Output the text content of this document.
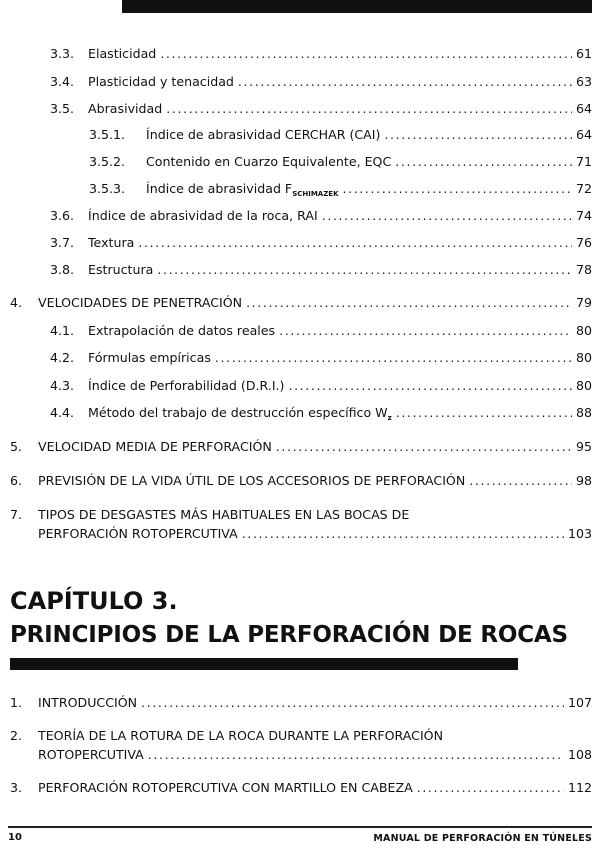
3.3.	Elasticidad . . .	61
3.4.	Plasticidad y tenacidad . . .	63
3.5.	Abrasividad . . .	64
3.5.1.	Índice de abrasividad CERCHAR (CAI) . . .	64
3.5.2.	Contenido en Cuarzo Equivalente, EQC . . .	71
3.5.3.	Índice de abrasividad $F_{SCHIMAZEK}$ . . .	72
3.6.	Índice de abrasividad de la roca, RAI . . .	74
3.7.	Textura . . .	76
3.8.	Estructura . . .	78
4.	VELOCIDADES DE PENETRACIÓN . . .	79
4.1.	Extrapolación de datos reales . . .	80
4.2.	Fórmulas empíricas . . .	80
4.3.	Índice de Perforabilidad (D.R.I.) . . .	80
4.4.	Método del trabajo de destrucción específico $W_z$ . . .	88
5.	VELOCIDAD MEDIA DE PERFORACIÓN . . .	95
6.	PREVISIÓN DE LA VIDA ÚTIL DE LOS ACCESORIOS DE PERFORACIÓN . . .	98
7. TIPOS DE DESGASTES MÁS HABITUALES EN LAS BOCAS DE
PERFORACIÓN ROTOPERCUTIVA . . .	103
CAPÍTULO 3.
PRINCIPIOS DE LA PERFORACIÓN DE ROCAS
1.	INTRODUCCIÓN . . .	107
2. TEORÍA DE LA ROTURA DE LA ROCA DURANTE LA PERFORACIÓN
ROTOPERCUTIVA . . .	108
3.	PERFORACIÓN ROTOPERCUTIVA CON MARTILLO EN CABEZA . . .	112
10	MANUAL DE PERFORACIÓN EN TÚNELES
